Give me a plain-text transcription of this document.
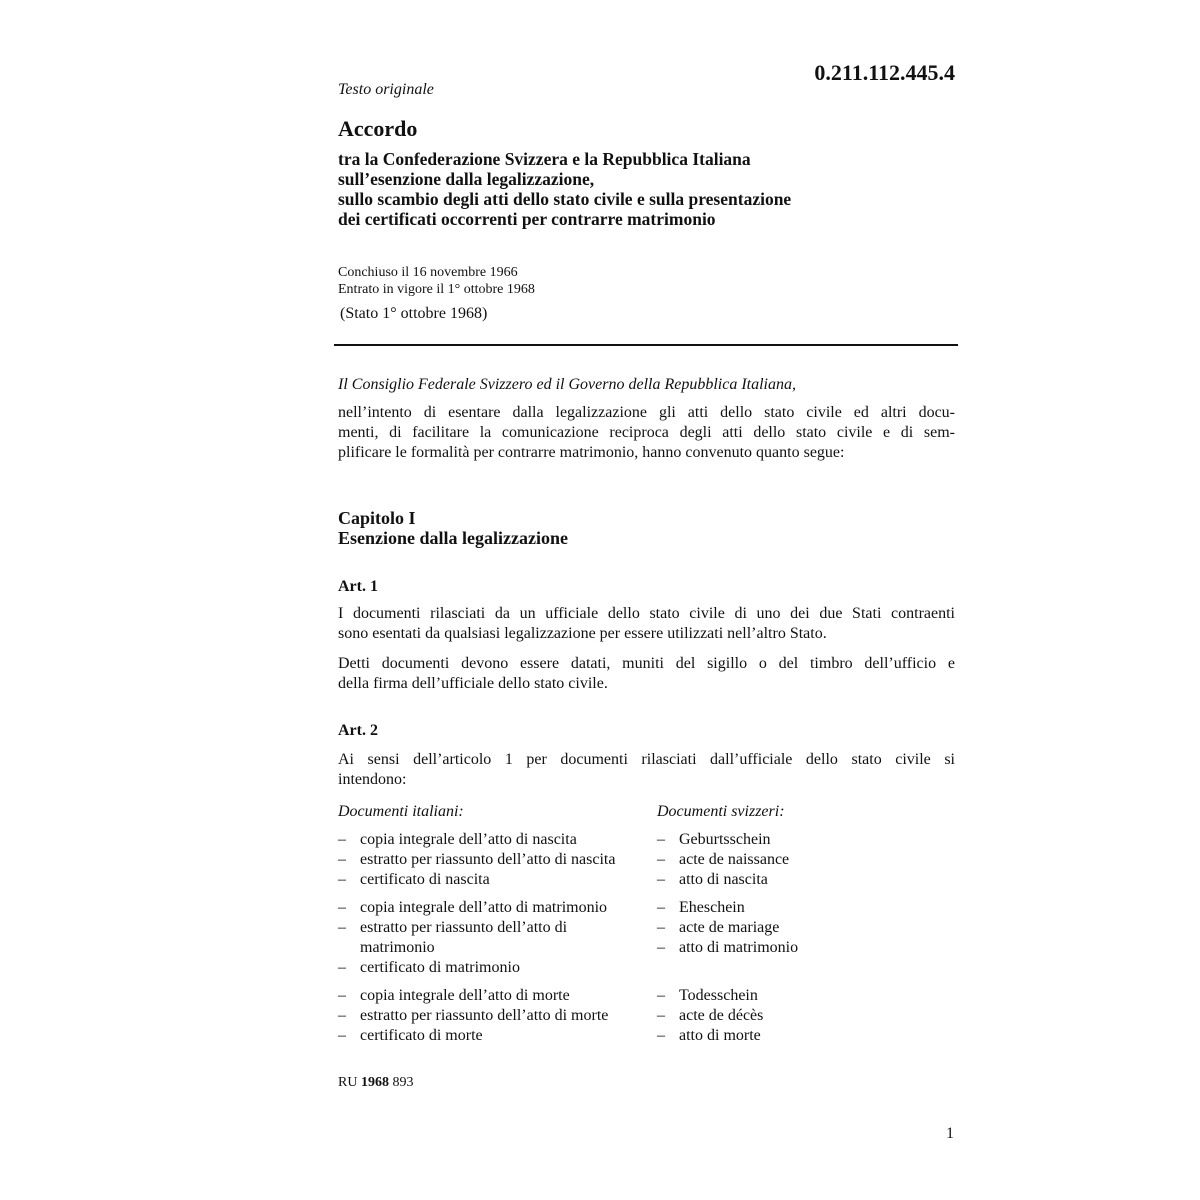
Testo originale
0.211.112.445.4
Accordo
tra la Confederazione Svizzera e la Repubblica Italiana
sull’esenzione dalla legalizzazione,
sullo scambio degli atti dello stato civile e sulla presentazione
dei certificati occorrenti per contrarre matrimonio
Conchiuso il 16 novembre 1966
Entrato in vigore il 1° ottobre 1968
(Stato 1° ottobre 1968)
Il Consiglio Federale Svizzero ed il Governo della Repubblica Italiana,
nell’intento di esentare dalla legalizzazione gli atti dello stato civile ed altri docu-
menti, di facilitare la comunicazione reciproca degli atti dello stato civile e di sem-
plificare le formalità per contrarre matrimonio, hanno convenuto quanto segue:
Capitolo I
Esenzione dalla legalizzazione
Art. 1
I documenti rilasciati da un ufficiale dello stato civile di uno dei due Stati contraenti
sono esentati da qualsiasi legalizzazione per essere utilizzati nell’altro Stato.
Detti documenti devono essere datati, muniti del sigillo o del timbro dell’ufficio e
della firma dell’ufficiale dello stato civile.
Art. 2
Ai sensi dell’articolo 1 per documenti rilasciati dall’ufficiale dello stato civile si
intendono:
Documenti italiani:	Documenti svizzeri:
– copia integrale dell’atto di nascita
– estratto per riassunto dell’atto di nascita
– certificato di nascita
– copia integrale dell’atto di matrimonio
– estratto per riassunto dell’atto di
matrimonio
– certificato di matrimonio
– copia integrale dell’atto di morte
– estratto per riassunto dell’atto di morte
– certificato di morte
– Geburtsschein
– acte de naissance
– atto di nascita
– Eheschein
– acte de mariage
– atto di matrimonio

– Todesschein
– acte de décès
– atto di morte
RU 1968 893
1
